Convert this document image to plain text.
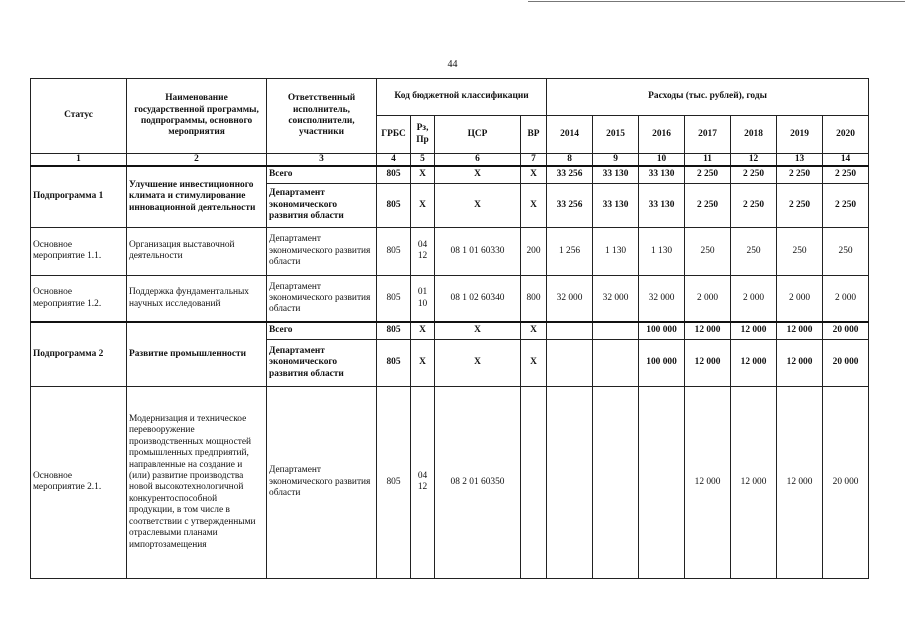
44
Статус	Наименование государственной программы, подпрограммы, основного мероприятия	Ответственный исполнитель, соисполнители, участники	Код бюджетной классификации				Расходы (тыс. рублей), годы						
			ГРБС	Рз, Пр	ЦСР	ВР	2014	2015	2016	2017	2018	2019	2020
1	2	3	4	5	6	7	8	9	10	11	12	13	14
Подпрограмма 1	Улучшение инвестиционного климата и стимулирование инновационной деятельности	Всего	805	Х	Х	Х	33 256	33 130	33 130	2 250	2 250	2 250	2 250
		Департамент экономического развития области	805	Х	Х	Х	33 256	33 130	33 130	2 250	2 250	2 250	2 250
Основное мероприятие 1.1.	Организация выставочной деятельности	Департамент экономического развития области	805	04 12	08 1 01 60330	200	1 256	1 130	1 130	250	250	250	250
Основное мероприятие 1.2.	Поддержка фундаментальных научных исследований	Департамент экономического развития области	805	01 10	08 1 02 60340	800	32 000	32 000	32 000	2 000	2 000	2 000	2 000
Подпрограмма 2	Развитие промышленности	Всего	805	Х	Х	Х			100 000	12 000	12 000	12 000	20 000
		Департамент экономического развития области	805	Х	Х	Х			100 000	12 000	12 000	12 000	20 000
Основное мероприятие 2.1.	Модернизация и техническое перевооружение производственных мощностей промышленных предприятий, направленные на создание и (или) развитие производства новой высокотехнологичной конкурентоспособной продукции, в том числе в соответствии с утвержденными отраслевыми планами импортозамещения	Департамент экономического развития области	805	04 12	08 2 01 60350					12 000	12 000	12 000	20 000
